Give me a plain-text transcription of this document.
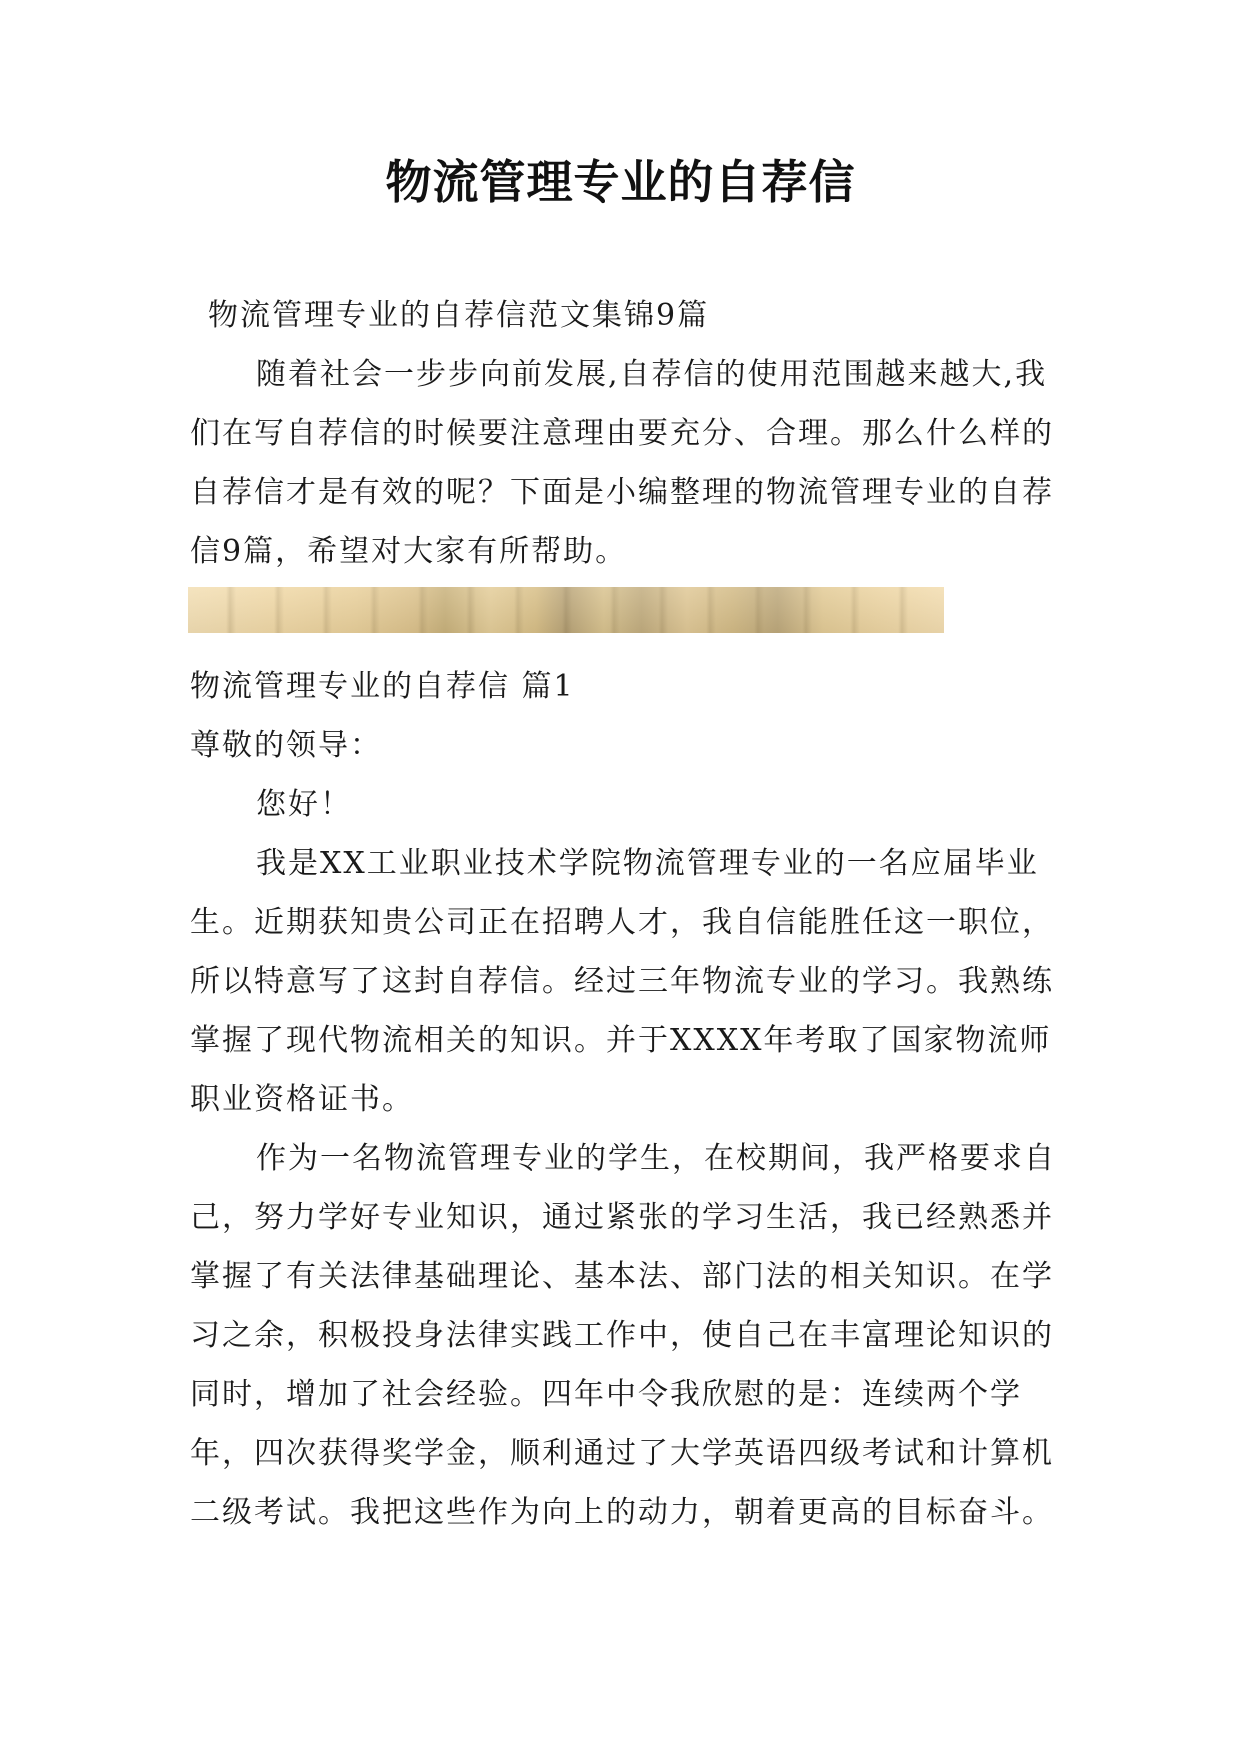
物流管理专业的自荐信

物流管理专业的自荐信范文集锦9篇

随着社会一步步向前发展,自荐信的使用范围越来越大,我们在写自荐信的时候要注意理由要充分、合理。那么什么样的自荐信才是有效的呢？下面是小编整理的物流管理专业的自荐信9篇，希望对大家有所帮助。

物流管理专业的自荐信 篇1

尊敬的领导：

您好！

我是XX工业职业技术学院物流管理专业的一名应届毕业生。近期获知贵公司正在招聘人才，我自信能胜任这一职位，所以特意写了这封自荐信。经过三年物流专业的学习。我熟练掌握了现代物流相关的知识。并于XXXX年考取了国家物流师职业资格证书。

作为一名物流管理专业的学生，在校期间，我严格要求自己，努力学好专业知识，通过紧张的学习生活，我已经熟悉并掌握了有关法律基础理论、基本法、部门法的相关知识。在学习之余，积极投身法律实践工作中，使自己在丰富理论知识的同时，增加了社会经验。四年中令我欣慰的是：连续两个学年，四次获得奖学金，顺利通过了大学英语四级考试和计算机二级考试。我把这些作为向上的动力，朝着更高的目标奋斗。
